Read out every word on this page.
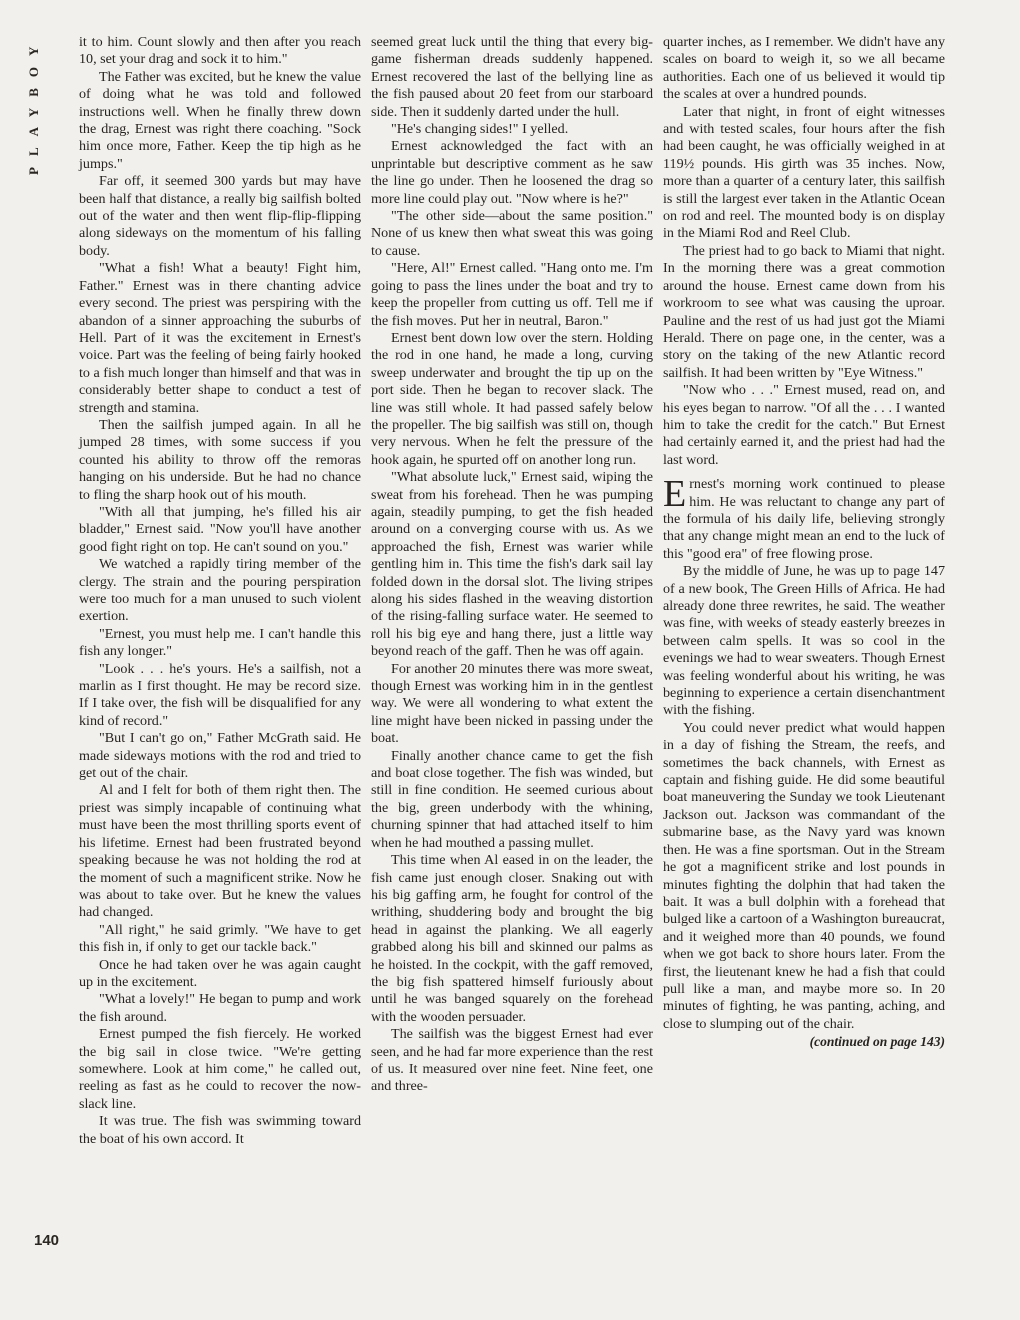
PLAYBOY	it to him. Count slowly and then after you reach 10, set your drag and sock it to him."

The Father was excited, but he knew the value of doing what he was told and followed instructions well. When he finally threw down the drag, Ernest was right there coaching. "Sock him once more, Father. Keep the tip high as he jumps."

Far off, it seemed 300 yards but may have been half that distance, a really big sailfish bolted out of the water and then went flip-flip-flipping along sideways on the momentum of his falling body.

"What a fish! What a beauty! Fight him, Father." Ernest was in there chanting advice every second. The priest was perspiring with the abandon of a sinner approaching the suburbs of Hell. Part of it was the excitement in Ernest's voice. Part was the feeling of being fairly hooked to a fish much longer than himself and that was in considerably better shape to conduct a test of strength and stamina.

Then the sailfish jumped again. In all he jumped 28 times, with some success if you counted his ability to throw off the remoras hanging on his underside. But he had no chance to fling the sharp hook out of his mouth.

"With all that jumping, he's filled his air bladder," Ernest said. "Now you'll have another good fight right on top. He can't sound on you."

We watched a rapidly tiring member of the clergy. The strain and the pouring perspiration were too much for a man unused to such violent exertion.

"Ernest, you must help me. I can't handle this fish any longer."

"Look . . . he's yours. He's a sailfish, not a marlin as I first thought. He may be record size. If I take over, the fish will be disqualified for any kind of record."

"But I can't go on," Father McGrath said. He made sideways motions with the rod and tried to get out of the chair.

Al and I felt for both of them right then. The priest was simply incapable of continuing what must have been the most thrilling sports event of his lifetime. Ernest had been frustrated beyond speaking because he was not holding the rod at the moment of such a magnificent strike. Now he was about to take over. But he knew the values had changed.

"All right," he said grimly. "We have to get this fish in, if only to get our tackle back."

Once he had taken over he was again caught up in the excitement.

"What a lovely!" He began to pump and work the fish around.

Ernest pumped the fish fiercely. He worked the big sail in close twice. "We're getting somewhere. Look at him come," he called out, reeling as fast as he could to recover the now-slack line.

It was true. The fish was swimming toward the boat of his own accord. It

seemed great luck until the thing that every big-game fisherman dreads suddenly happened. Ernest recovered the last of the bellying line as the fish paused about 20 feet from our starboard side. Then it suddenly darted under the hull.

"He's changing sides!" I yelled.

Ernest acknowledged the fact with an unprintable but descriptive comment as he saw the line go under. Then he loosened the drag so more line could play out. "Now where is he?"

"The other side—about the same position." None of us knew then what sweat this was going to cause.

"Here, Al!" Ernest called. "Hang onto me. I'm going to pass the lines under the boat and try to keep the propeller from cutting us off. Tell me if the fish moves. Put her in neutral, Baron."

Ernest bent down low over the stern. Holding the rod in one hand, he made a long, curving sweep underwater and brought the tip up on the port side. Then he began to recover slack. The line was still whole. It had passed safely below the propeller. The big sailfish was still on, though very nervous. When he felt the pressure of the hook again, he spurted off on another long run.

"What absolute luck," Ernest said, wiping the sweat from his forehead. Then he was pumping again, steadily pumping, to get the fish headed around on a converging course with us. As we approached the fish, Ernest was warier while gentling him in. This time the fish's dark sail lay folded down in the dorsal slot. The living stripes along his sides flashed in the weaving distortion of the rising-falling surface water. He seemed to roll his big eye and hang there, just a little way beyond reach of the gaff. Then he was off again.

For another 20 minutes there was more sweat, though Ernest was working him in in the gentlest way. We were all wondering to what extent the line might have been nicked in passing under the boat.

Finally another chance came to get the fish and boat close together. The fish was winded, but still in fine condition. He seemed curious about the big, green underbody with the whining, churning spinner that had attached itself to him when he had mouthed a passing mullet.

This time when Al eased in on the leader, the fish came just enough closer. Snaking out with his big gaffing arm, he fought for control of the writhing, shuddering body and brought the big head in against the planking. We all eagerly grabbed along his bill and skinned our palms as he hoisted. In the cockpit, with the gaff removed, the big fish spattered himself furiously about until he was banged squarely on the forehead with the wooden persuader.

The sailfish was the biggest Ernest had ever seen, and he had far more experience than the rest of us. It measured over nine feet. Nine feet, one and three-

quarter inches, as I remember. We didn't have any scales on board to weigh it, so we all became authorities. Each one of us believed it would tip the scales at over a hundred pounds.

Later that night, in front of eight witnesses and with tested scales, four hours after the fish had been caught, he was officially weighed in at 119½ pounds. His girth was 35 inches. Now, more than a quarter of a century later, this sailfish is still the largest ever taken in the Atlantic Ocean on rod and reel. The mounted body is on display in the Miami Rod and Reel Club.

The priest had to go back to Miami that night. In the morning there was a great commotion around the house. Ernest came down from his workroom to see what was causing the uproar. Pauline and the rest of us had just got the Miami Herald. There on page one, in the center, was a story on the taking of the new Atlantic record sailfish. It had been written by "Eye Witness."

"Now who . . ." Ernest mused, read on, and his eyes began to narrow. "Of all the . . . I wanted him to take the credit for the catch." But Ernest had certainly earned it, and the priest had had the last word.

Ernest's morning work continued to please him. He was reluctant to change any part of the formula of his daily life, believing strongly that any change might mean an end to the luck of this "good era" of free flowing prose.

By the middle of June, he was up to page 147 of a new book, The Green Hills of Africa. He had already done three rewrites, he said. The weather was fine, with weeks of steady easterly breezes in between calm spells. It was so cool in the evenings we had to wear sweaters. Though Ernest was feeling wonderful about his writing, he was beginning to experience a certain disenchantment with the fishing.

You could never predict what would happen in a day of fishing the Stream, the reefs, and sometimes the back channels, with Ernest as captain and fishing guide. He did some beautiful boat maneuvering the Sunday we took Lieutenant Jackson out. Jackson was commandant of the submarine base, as the Navy yard was known then. He was a fine sportsman. Out in the Stream he got a magnificent strike and lost pounds in minutes fighting the dolphin that had taken the bait. It was a bull dolphin with a forehead that bulged like a cartoon of a Washington bureaucrat, and it weighed more than 40 pounds, we found when we got back to shore hours later. From the first, the lieutenant knew he had a fish that could pull like a man, and maybe more so. In 20 minutes of fighting, he was panting, aching, and close to slumping out of the chair.

(continued on page 143)

140
